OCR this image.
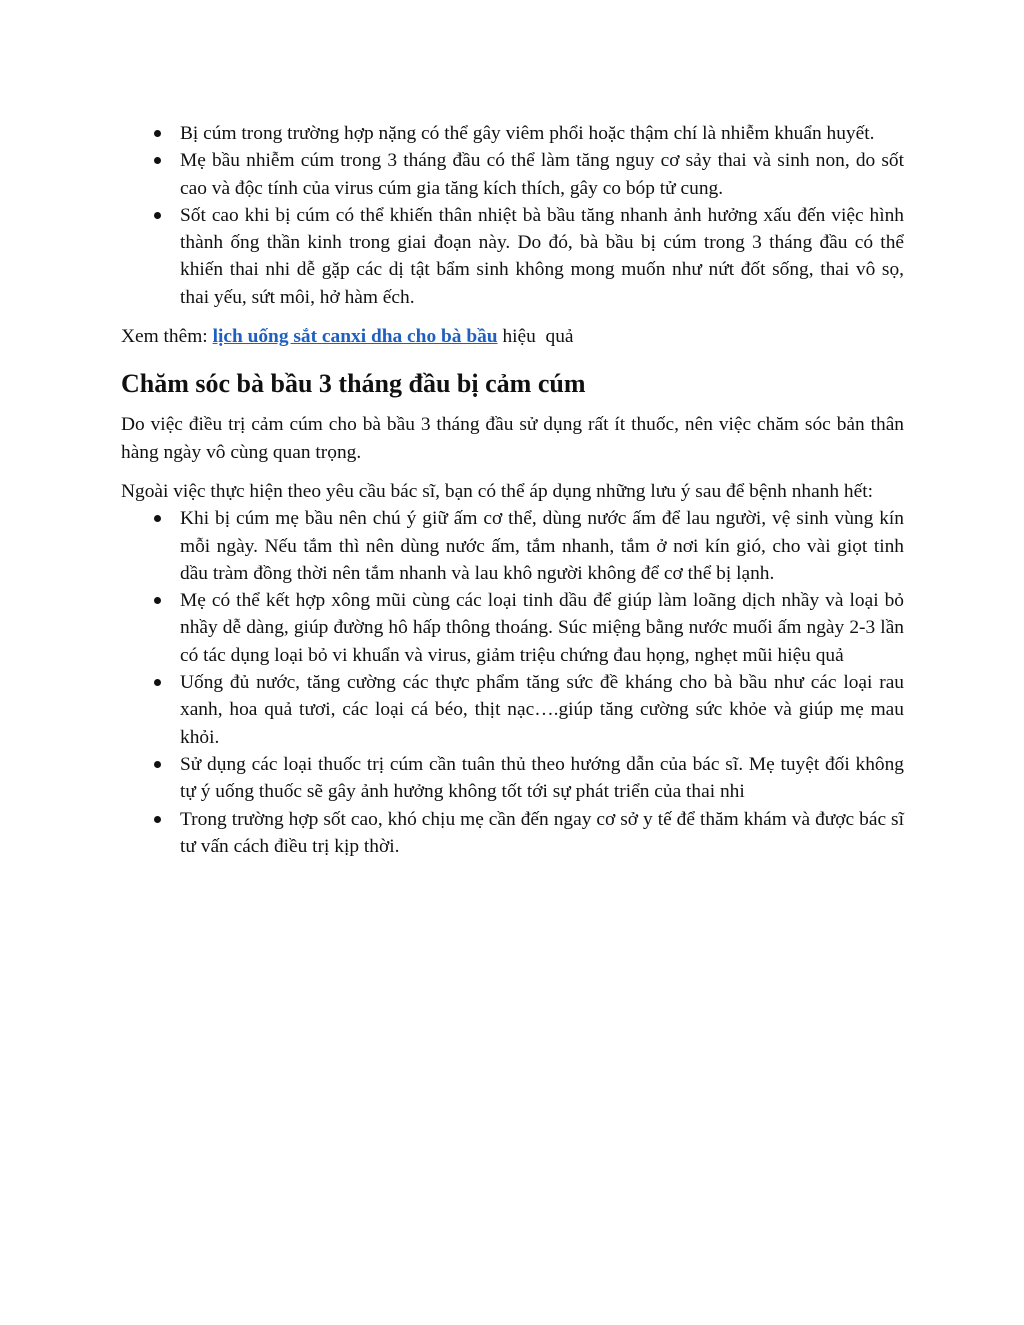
Bị cúm trong trường hợp nặng có thể gây viêm phổi hoặc thậm chí là nhiễm khuẩn huyết.
Mẹ bầu nhiễm cúm trong 3 tháng đầu có thể làm tăng nguy cơ sảy thai và sinh non, do sốt cao và độc tính của virus cúm gia tăng kích thích, gây co bóp tử cung.
Sốt cao khi bị cúm có thể khiến thân nhiệt bà bầu tăng nhanh ảnh hưởng xấu đến việc hình thành ống thần kinh trong giai đoạn này. Do đó, bà bầu bị cúm trong 3 tháng đầu có thể khiến thai nhi dễ gặp các dị tật bẩm sinh không mong muốn như nứt đốt sống, thai vô sọ, thai yếu, sứt môi, hở hàm ếch.

Xem thêm: lịch uống sắt canxi dha cho bà bầu hiệu  quả

Chăm sóc bà bầu 3 tháng đầu bị cảm cúm

Do việc điều trị cảm cúm cho bà bầu 3 tháng đầu sử dụng rất ít thuốc, nên việc chăm sóc bản thân hàng ngày vô cùng quan trọng.

Ngoài việc thực hiện theo yêu cầu bác sĩ, bạn có thể áp dụng những lưu ý sau để bệnh nhanh hết:

Khi bị cúm mẹ bầu nên chú ý giữ ấm cơ thể, dùng nước ấm để lau người, vệ sinh vùng kín mỗi ngày. Nếu tắm thì nên dùng nước ấm, tắm nhanh, tắm ở nơi kín gió, cho vài giọt tinh dầu tràm đồng thời nên tắm nhanh và lau khô người không để cơ thể bị lạnh.
Mẹ có thể kết hợp xông mũi cùng các loại tinh dầu để giúp làm loãng dịch nhầy và loại bỏ nhầy dễ dàng, giúp đường hô hấp thông thoáng. Súc miệng bằng nước muối ấm ngày 2-3 lần có tác dụng loại bỏ vi khuẩn và virus, giảm triệu chứng đau họng, nghẹt mũi hiệu quả
Uống đủ nước, tăng cường các thực phẩm tăng sức đề kháng cho bà bầu như các loại rau xanh, hoa quả tươi, các loại cá béo, thịt nạc….giúp tăng cường sức khỏe và giúp mẹ mau khỏi.
Sử dụng các loại thuốc trị cúm cần tuân thủ theo hướng dẫn của bác sĩ. Mẹ tuyệt đối không tự ý uống thuốc sẽ gây ảnh hưởng không tốt tới sự phát triển của thai nhi
Trong trường hợp sốt cao, khó chịu mẹ cần đến ngay cơ sở y tế để thăm khám và được bác sĩ tư vấn cách điều trị kịp thời.
